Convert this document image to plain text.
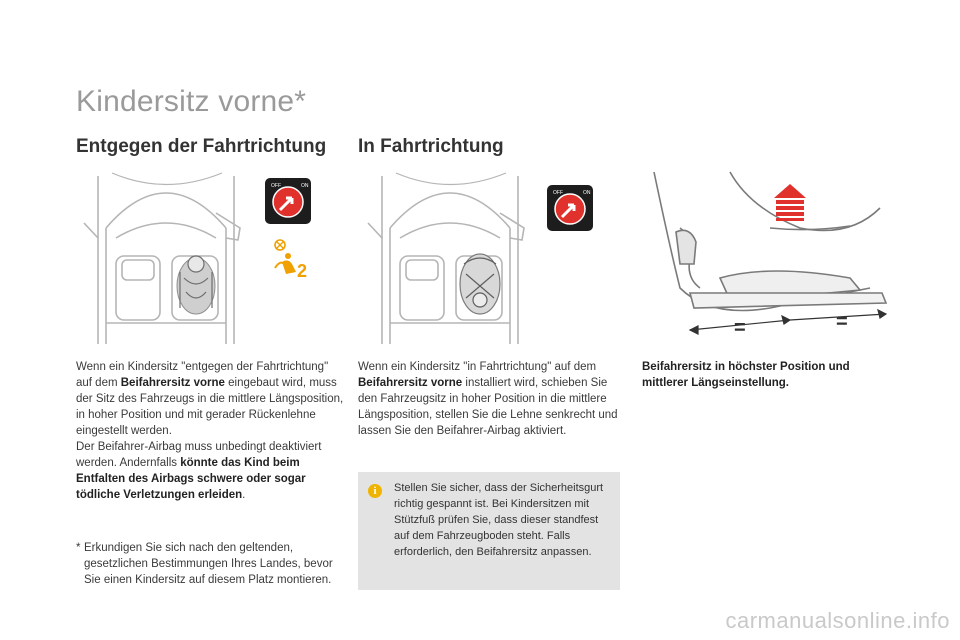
Kindersitz vorne*
Entgegen der Fahrtrichtung In Fahrtrichtung
OFF	ON
2
OFF	ON
=	=
Wenn ein Kindersitz "entgegen der Fahrtrichtung" auf dem Beifahrersitz vorne eingebaut wird, muss der Sitz des Fahrzeugs in die mittlere Längsposition, in hoher Position und mit gerader Rückenlehne eingestellt werden.
Der Beifahrer-Airbag muss unbedingt deaktiviert werden. Andernfalls könnte das Kind beim Entfalten des Airbags schwere oder sogar tödliche Verletzungen erleiden.
* Erkundigen Sie sich nach den geltenden, gesetzlichen Bestimmungen Ihres Landes, bevor Sie einen Kindersitz auf diesem Platz montieren.
Wenn ein Kindersitz "in Fahrtrichtung" auf dem Beifahrersitz vorne installiert wird, schieben Sie den Fahrzeugsitz in hoher Position in die mittlere Längsposition, stellen Sie die Lehne senkrecht und lassen Sie den Beifahrer-Airbag aktiviert.
i	Stellen Sie sicher, dass der Sicherheitsgurt richtig gespannt ist. Bei Kindersitzen mit Stützfuß prüfen Sie, dass dieser standfest auf dem Fahrzeugboden steht. Falls erforderlich, den Beifahrersitz anpassen.
Beifahrersitz in höchster Position und mittlerer Längseinstellung.
carmanualsonline.info
